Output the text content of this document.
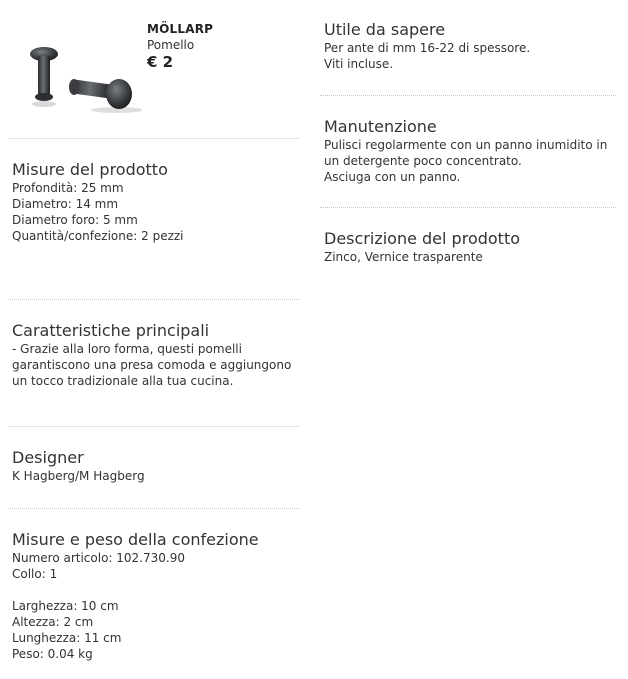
MÖLLARP
Pomello
€ 2
Misure del prodotto
Profondità: 25 mm
Diametro: 14 mm
Diametro foro: 5 mm
Quantità/confezione: 2 pezzi
Caratteristiche principali

- Grazie alla loro forma, questi pomelli garantiscono una presa comoda e aggiungono un tocco tradizionale alla tua cucina.

Designer

K Hagberg/M Hagberg

Misure e peso della confezione
Numero articolo: 102.730.90
Collo: 1
Larghezza: 10 cm
Altezza: 2 cm
Lunghezza: 11 cm
Peso: 0.04 kg
Utile da sapere
Per ante di mm 16-22 di spessore.
Viti incluse.
Manutenzione

Pulisci regolarmente con un panno inumidito in un detergente poco concentrato.

Asciuga con un panno.

Descrizione del prodotto

Zinco, Vernice trasparente
